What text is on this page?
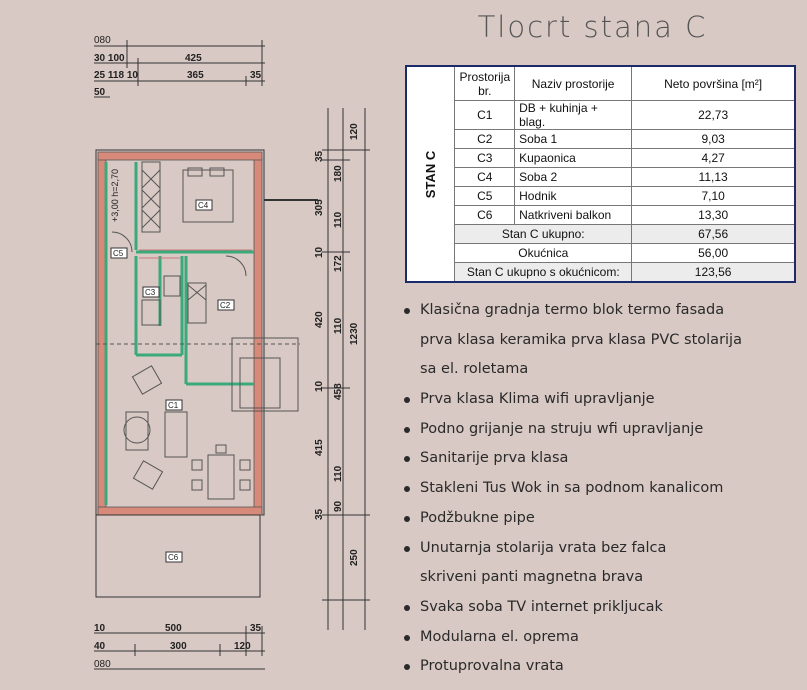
080
30 100	425
25 118 10	365	35
50
C4
C5
C3
C2
C1
C6
+3,00 h=2,70
120
35
180
305
110
10
172
420 110 1230
10 458
415
110
35
90
250
10	500	35
40	300	120
080
Tlocrt stana C
STAN C	Prostorija br.	Naziv prostorije	Neto površina [m²]
	C1	DB + kuhinja + blag.	22,73
	C2	Soba 1	9,03
	C3	Kupaonica	4,27
	C4	Soba 2	11,13
	C5	Hodnik	7,10
	C6	Natkriveni balkon	13,30
	Stan C ukupno:		67,56
	Okućnica		56,00
	Stan C ukupno s okućnicom:		123,56
Klasična gradnja termo blok termo fasada
prva klasa keramika prva klasa PVC stolarija
sa el. roletama
Prva klasa Klima wifi upravljanje
Podno grijanje na struju wfi upravljanje
Sanitarije prva klasa
Stakleni Tus Wok in sa podnom kanalicom
Podžbukne pipe
Unutarnja stolarija vrata bez falca
skriveni panti magnetna brava
Svaka soba TV internet prikljucak
Modularna el. oprema
Protuprovalna vrata
